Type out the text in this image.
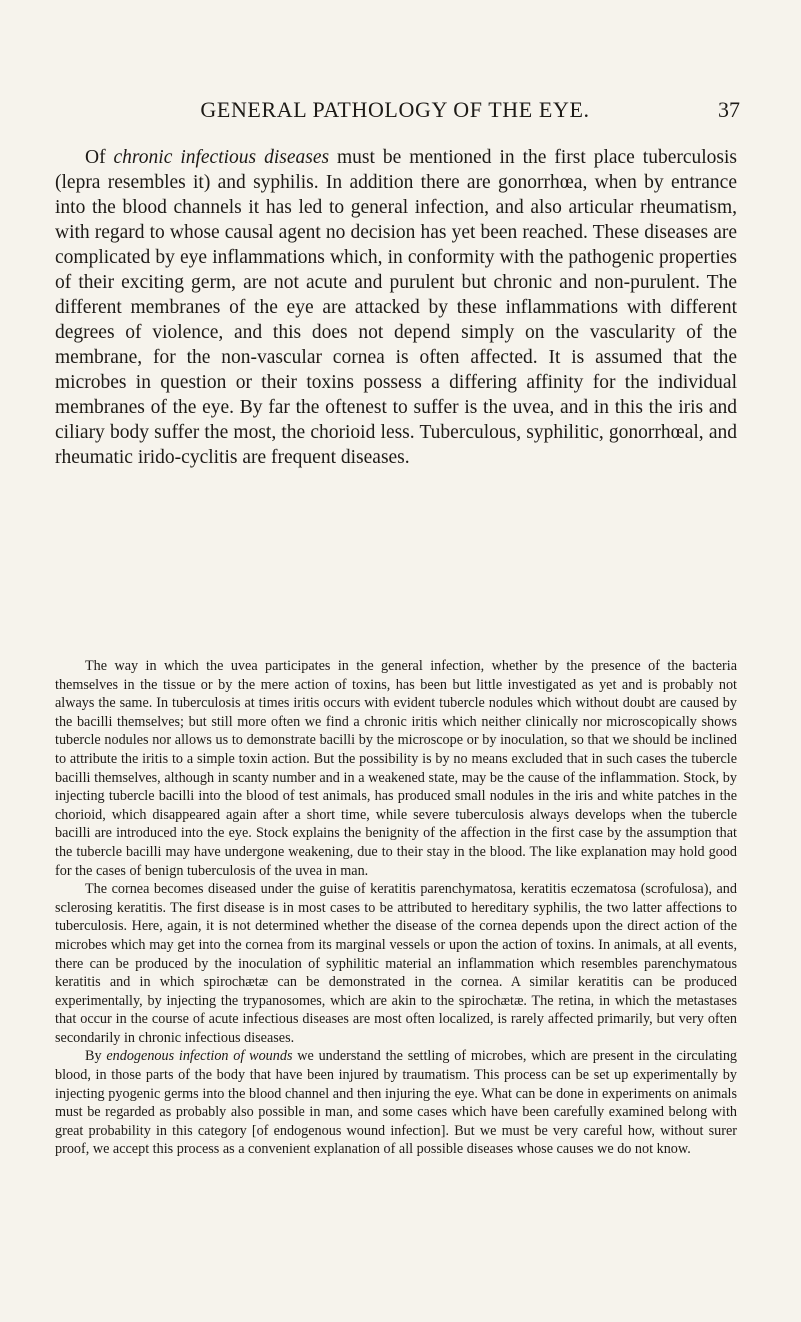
GENERAL PATHOLOGY OF THE EYE.	37

Of chronic infectious diseases must be mentioned in the first place tuberculosis (lepra resembles it) and syphilis. In addition there are gonorrhœa, when by entrance into the blood channels it has led to general infection, and also articular rheumatism, with regard to whose causal agent no decision has yet been reached. These diseases are complicated by eye inflammations which, in conformity with the pathogenic properties of their exciting germ, are not acute and purulent but chronic and non-purulent. The different membranes of the eye are attacked by these inflammations with different degrees of violence, and this does not depend simply on the vascularity of the membrane, for the non-vascular cornea is often affected. It is assumed that the microbes in question or their toxins possess a differing affinity for the individual membranes of the eye. By far the oftenest to suffer is the uvea, and in this the iris and ciliary body suffer the most, the chorioid less. Tuberculous, syphilitic, gonorrhœal, and rheumatic irido-cyclitis are frequent diseases.

The way in which the uvea participates in the general infection, whether by the presence of the bacteria themselves in the tissue or by the mere action of toxins, has been but little investigated as yet and is probably not always the same. In tuberculosis at times iritis occurs with evident tubercle nodules which without doubt are caused by the bacilli themselves; but still more often we find a chronic iritis which neither clinically nor microscopically shows tubercle nodules nor allows us to demonstrate bacilli by the microscope or by inoculation, so that we should be inclined to attribute the iritis to a simple toxin action. But the possibility is by no means excluded that in such cases the tubercle bacilli themselves, although in scanty number and in a weakened state, may be the cause of the inflammation. Stock, by injecting tubercle bacilli into the blood of test animals, has produced small nodules in the iris and white patches in the chorioid, which disappeared again after a short time, while severe tuberculosis always develops when the tubercle bacilli are introduced into the eye. Stock explains the benignity of the affection in the first case by the assumption that the tubercle bacilli may have undergone weakening, due to their stay in the blood. The like explanation may hold good for the cases of benign tuberculosis of the uvea in man.

The cornea becomes diseased under the guise of keratitis parenchymatosa, keratitis eczematosa (scrofulosa), and sclerosing keratitis. The first disease is in most cases to be attributed to hereditary syphilis, the two latter affections to tuberculosis. Here, again, it is not determined whether the disease of the cornea depends upon the direct action of the microbes which may get into the cornea from its marginal vessels or upon the action of toxins. In animals, at all events, there can be produced by the inoculation of syphilitic material an inflammation which resembles parenchymatous keratitis and in which spirochætæ can be demonstrated in the cornea. A similar keratitis can be produced experimentally, by injecting the trypanosomes, which are akin to the spirochætæ. The retina, in which the metastases that occur in the course of acute infectious diseases are most often localized, is rarely affected primarily, but very often secondarily in chronic infectious diseases.

By endogenous infection of wounds we understand the settling of microbes, which are present in the circulating blood, in those parts of the body that have been injured by traumatism. This process can be set up experimentally by injecting pyogenic germs into the blood channel and then injuring the eye. What can be done in experiments on animals must be regarded as probably also possible in man, and some cases which have been carefully examined belong with great probability in this category [of endogenous wound infection]. But we must be very careful how, without surer proof, we accept this process as a convenient explanation of all possible diseases whose causes we do not know.
